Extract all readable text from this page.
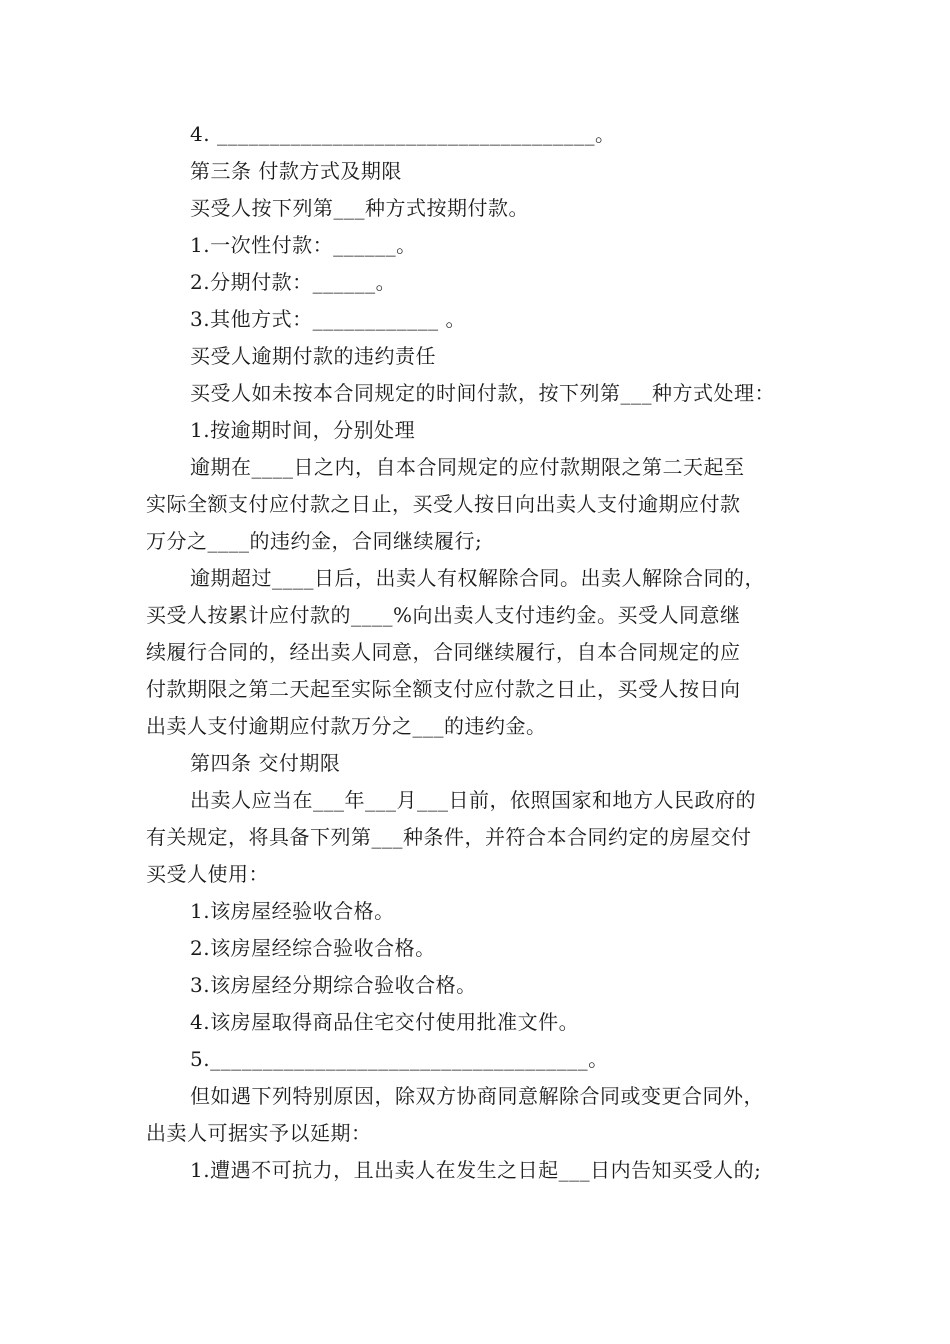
4. ____________________________________。
第三条 付款方式及期限
买受人按下列第___种方式按期付款。
1.一次性付款：______。
2.分期付款：______。
3.其他方式：____________ 。
买受人逾期付款的违约责任
买受人如未按本合同规定的时间付款，按下列第___种方式处理：
1.按逾期时间，分别处理
逾期在____日之内，自本合同规定的应付款期限之第二天起至
实际全额支付应付款之日止，买受人按日向出卖人支付逾期应付款
万分之____的违约金，合同继续履行;
逾期超过____日后，出卖人有权解除合同。出卖人解除合同的，
买受人按累计应付款的____%向出卖人支付违约金。买受人同意继
续履行合同的，经出卖人同意，合同继续履行，自本合同规定的应
付款期限之第二天起至实际全额支付应付款之日止，买受人按日向
出卖人支付逾期应付款万分之___的违约金。
第四条 交付期限
出卖人应当在___年___月___日前，依照国家和地方人民政府的
有关规定，将具备下列第___种条件，并符合本合同约定的房屋交付
买受人使用：
1.该房屋经验收合格。
2.该房屋经综合验收合格。
3.该房屋经分期综合验收合格。
4.该房屋取得商品住宅交付使用批准文件。
5.____________________________________。
但如遇下列特别原因，除双方协商同意解除合同或变更合同外，
出卖人可据实予以延期：
1.遭遇不可抗力，且出卖人在发生之日起___日内告知买受人的;
